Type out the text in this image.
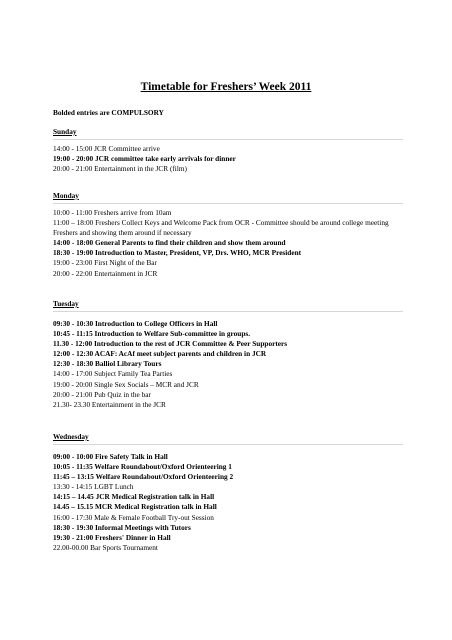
Timetable for Freshers’ Week 2011
Bolded entries are COMPULSORY
Sunday
14:00 - 15:00 JCR Committee arrive
19:00 - 20:00 JCR committee take early arrivals for dinner
20:00 - 21:00 Entertainment in the JCR (film)
Monday
10:00 - 11:00 Freshers arrive from 10am
11:00 – 18:00 Freshers Collect Keys and Welcome Pack from OCR - Committee should be around college meeting Freshers and showing them around if necessary
14:00 - 18:00 General Parents to find their children and show them around
18:30 - 19:00 Introduction to Master, President, VP, Drs. WHO, MCR President
19:00 - 23:00 First Night of the Bar
20:00 - 22:00 Entertainment in JCR
Tuesday
09:30 - 10:30 Introduction to College Officers in Hall
10:45 - 11:15 Introduction to Welfare Sub-committee in groups.
11.30 - 12:00 Introduction to the rest of JCR Committee & Peer Supporters
12:00 - 12:30 ACAF: AcAf meet subject parents and children in JCR
12:30 - 18:30 Balliol Library Tours
14:00 - 17:00 Subject Family Tea Parties
19:00 - 20:00 Single Sex Socials – MCR and JCR
20:00 - 21:00 Pub Quiz in the bar
21.30- 23.30 Entertainment in the JCR
Wednesday
09:00 - 10:00 Fire Safety Talk in Hall
10:05 - 11:35 Welfare Roundabout/Oxford Orienteering 1
11:45 – 13:15 Welfare Roundabout/Oxford Orienteering 2
13:30 - 14:15 LGBT Lunch
14:15 – 14.45 JCR Medical Registration talk in Hall
14.45 – 15.15 MCR Medical Registration talk in Hall
16:00 - 17:30 Male & Female Football Try-out Session
18:30 - 19:30 Informal Meetings with Tutors
19:30 - 21:00 Freshers' Dinner in Hall
22.00-00.00 Bar Sports Tournament
